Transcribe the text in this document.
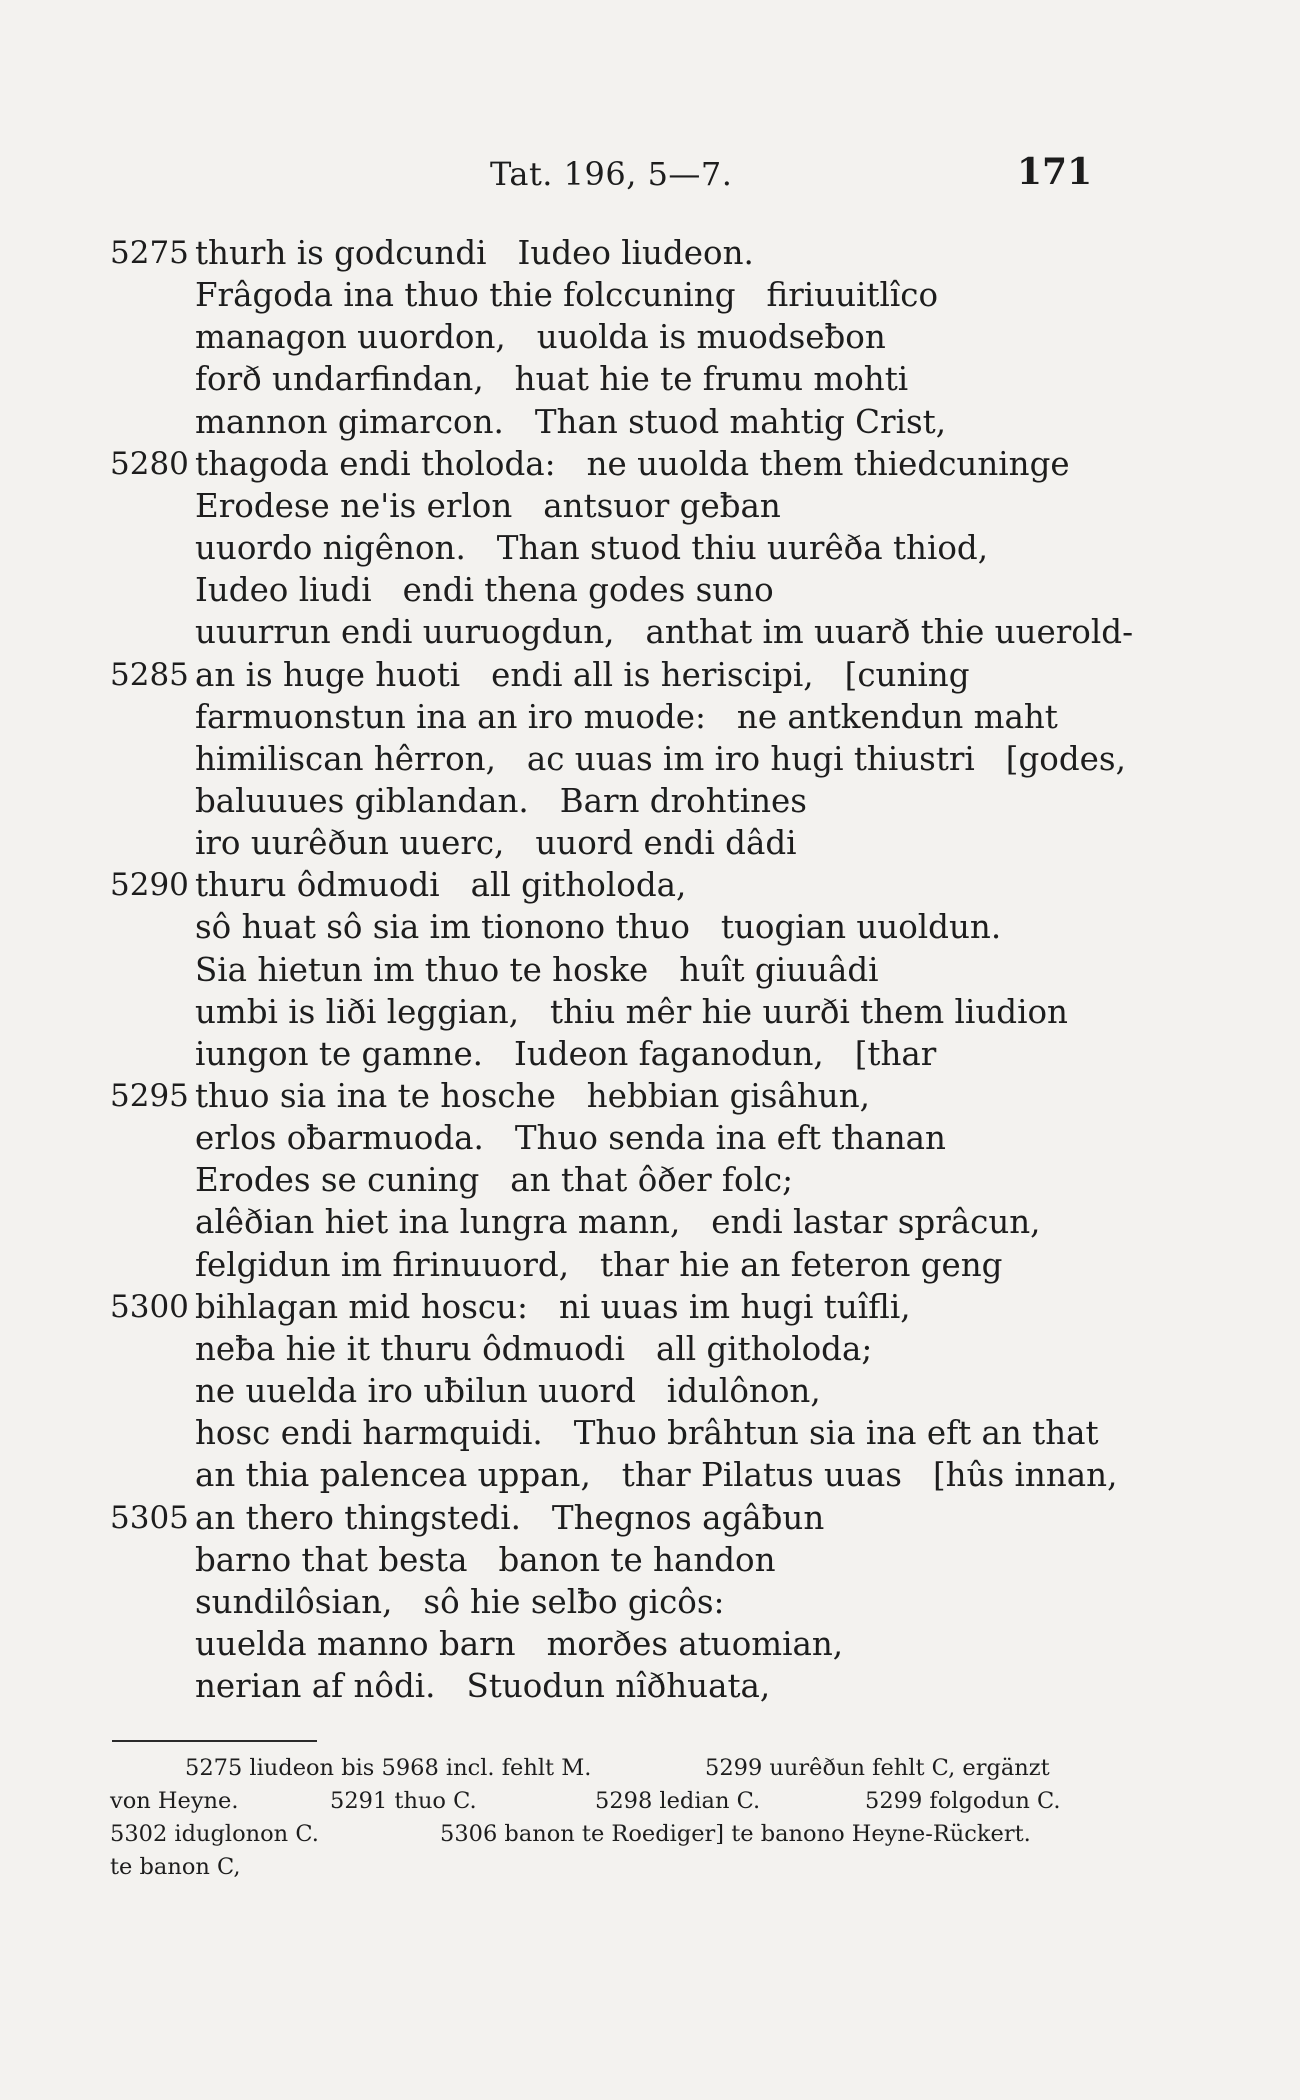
Tat. 196, 5—7.	171
5275 thurh is godcundi   Iudeo liudeon.
Frâgoda ina thuo thie folccuning   firiuuitlîco
managon uuordon,   uuolda is muodseƀon
forð undarfindan,   huat hie te frumu mohti
mannon gimarcon.   Than stuod mahtig Crist,
5280 thagoda endi tholoda:   ne uuolda them thiedcuninge
Erodese ne'is erlon   antsuor geƀan
uuordo nigênon.   Than stuod thiu uurêða thiod,
Iudeo liudi   endi thena godes suno
uuurrun endi uuruogdun,   anthat im uuarð thie uuerold-
5285 an is huge huoti   endi all is heriscipi,   [cuning
farmuonstun ina an iro muode:   ne antkendun maht
himiliscan hêrron,   ac uuas im iro hugi thiustri   [godes,
baluuues giblandan.   Barn drohtines
iro uurêðun uuerc,   uuord endi dâdi
5290 thuru ôdmuodi   all githoloda,
sô huat sô sia im tionono thuo   tuogian uuoldun.
Sia hietun im thuo te hoske   huît giuuâdi
umbi is liði leggian,   thiu mêr hie uurði them liudion
iungon te gamne.   Iudeon faganodun,   [thar
5295 thuo sia ina te hosche   hebbian gisâhun,
erlos oƀarmuoda.   Thuo senda ina eft thanan
Erodes se cuning   an that ôðer folc;
alêðian hiet ina lungra mann,   endi lastar sprâcun,
felgidun im firinuuord,   thar hie an feteron geng
5300 bihlagan mid hoscu:   ni uuas im hugi tuîfli,
neƀa hie it thuru ôdmuodi   all githoloda;
ne uuelda iro uƀilun uuord   idulônon,
hosc endi harmquidi.   Thuo brâhtun sia ina eft an that
an thia palencea uppan,   thar Pilatus uuas   [hûs innan,
5305 an thero thingstedi.   Thegnos agâƀun
barno that besta   banon te handon
sundilôsian,   sô hie selƀo gicôs:
uuelda manno barn   morðes atuomian,
nerian af nôdi.   Stuodun nîðhuata,

5275 liudeon bis 5968 incl. fehlt M.

	5299 uurêðun fehlt C, ergänzt

von Heyne.

	5291 thuo C.

	5298 ledian C.

	5299 folgodun C.

5302 iduglonon C.

	5306 banon te Roediger] te banono Heyne-Rückert.

te banon C,
